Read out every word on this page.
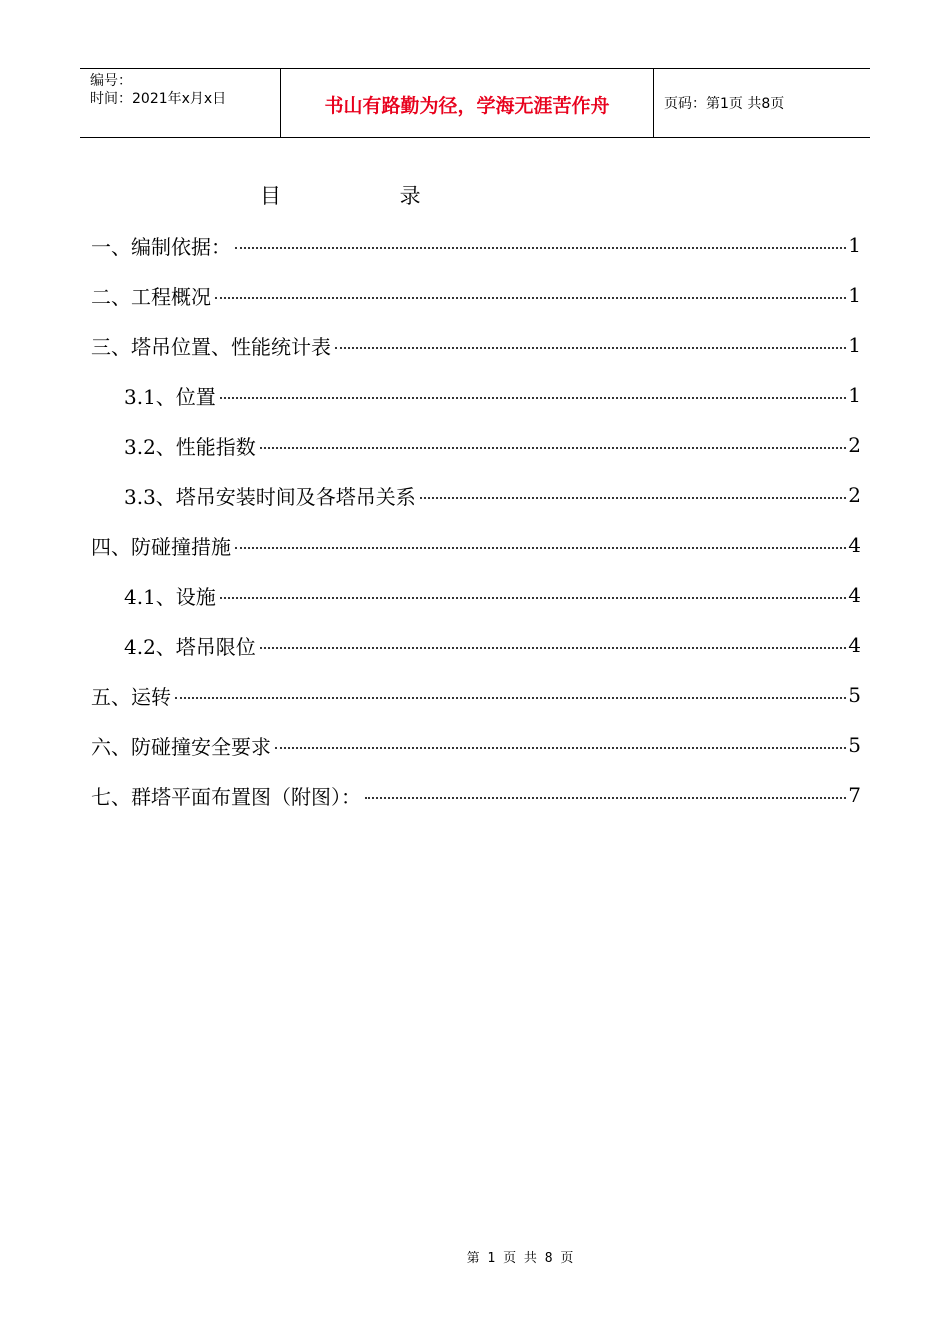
编号：
时间：2021年x月x日	书山有路勤为径，学海无涯苦作舟	页码：第1页 共8页
目 录
一、编制依据：	1
二、工程概况	1
三、塔吊位置、性能统计表	1
3.1、位置	1
3.2、性能指数	2
3.3、塔吊安装时间及各塔吊关系	2
四、防碰撞措施	4
4.1、设施	4
4.2、塔吊限位	4
五、运转	5
六、防碰撞安全要求	5
七、群塔平面布置图（附图）：	7
第 1 页 共 8 页
